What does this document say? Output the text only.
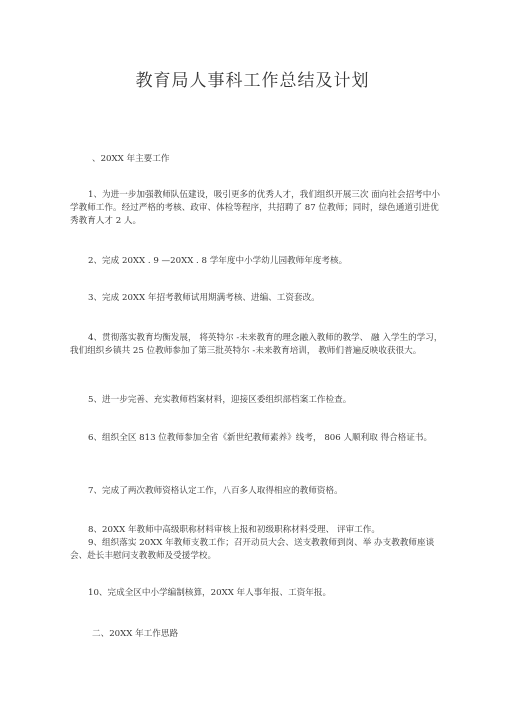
教育局人事科工作总结及计划
、20XX 年主要工作
1、为进一步加强教师队伍建设，吸引更多的优秀人才，我们组织开展三次 面向社会招考中小学教师工作。经过严格的考核、政审、体检等程序，共招聘了 87 位教师；同时，绿色通道引进优秀教育人才 2 人。
2、完成 20XX . 9 —20XX . 8 学年度中小学幼儿园教师年度考核。
3、完成 20XX 年招考教师试用期满考核、进编、工资套改。
4、贯彻落实教育均衡发展， 将英特尔 -未来教育的理念融入教师的教学、 融 入学生的学习，我们组织乡镇共 25 位教师参加了第三批英特尔 -未来教育培训， 教师们普遍反映收获很大。
5、进一步完善、充实教师档案材料，迎接区委组织部档案工作检查。
6、组织全区 813 位教师参加全省《新世纪教师素养》线考， 806 人顺利取 得合格证书。
7、完成了两次教师资格认定工作，八百多人取得相应的教师资格。
8、20XX 年教师中高级职称材料审核上报和初级职称材料受理、 评审工作。
9、组织落实 20XX 年教师支教工作；召开动员大会、送支教教师到岗、举 办支教教师座谈会、赴长丰慰问支教教师及受援学校。
10、完成全区中小学编制核算，20XX 年人事年报、工资年报。
二、20XX 年工作思路
